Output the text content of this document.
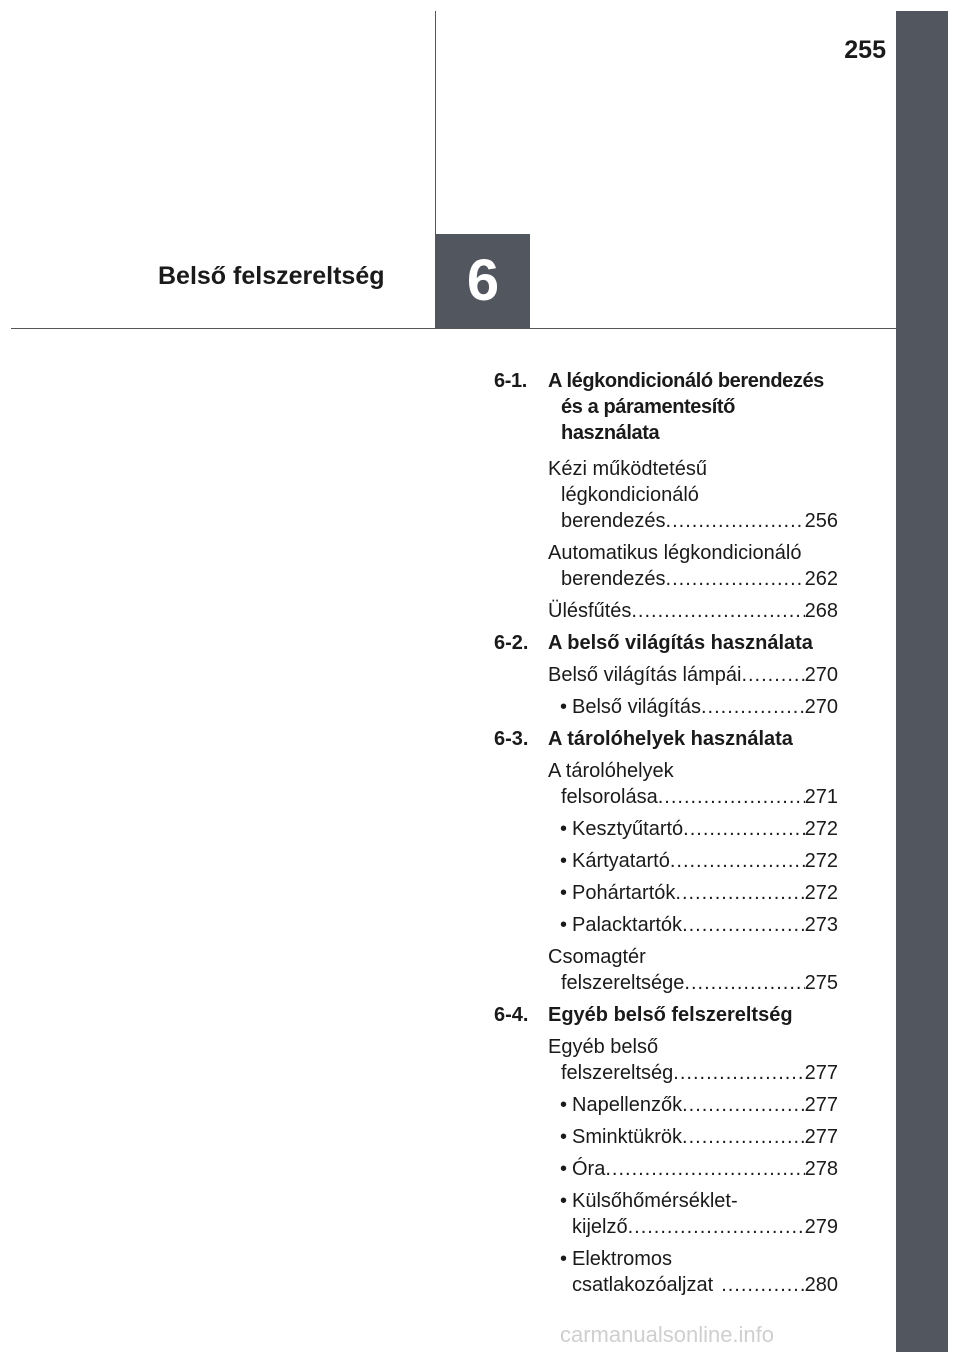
255
Belső felszereltség	6
6-1. A légkondicionáló berendezés
és a páramentesítő használata
Kézi működtetésű
légkondicionáló
berendezés .....	256
Automatikus légkondicionáló
berendezés .....	262
Ülésfűtés .....	268
6-2. A belső világítás használata
Belső világítás lámpái .....	270
• Belső világítás .....	270
6-3. A tárolóhelyek használata
A tárolóhelyek
felsorolása .....	271
• Kesztyűtartó .....	272
• Kártyatartó .....	272
• Pohártartók .....	272
• Palacktartók .....	273
Csomagtér
felszereltsége .....	275
6-4. Egyéb belső felszereltség
Egyéb belső
felszereltség .....	277
• Napellenzők .....	277
• Sminktükrök .....	277
• Óra .....	278
• Külsőhőmérséklet-
kijelző .....	279
• Elektromos
csatlakozóaljzat .....	280
carmanualsonline.info
